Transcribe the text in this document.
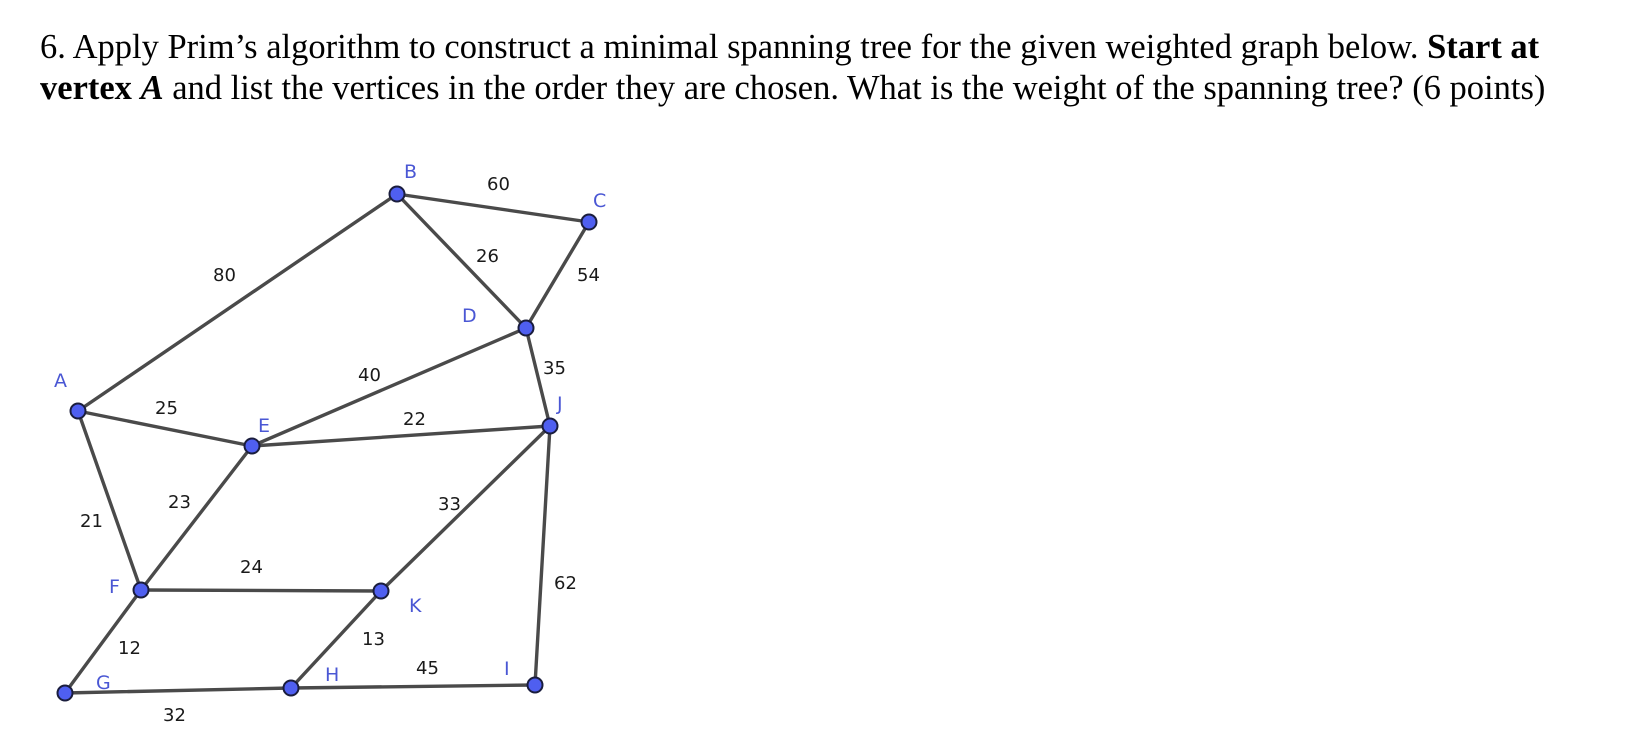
6. Apply Prim’s algorithm to construct a minimal spanning tree for the given weighted graph below. Start at vertex A and list the vertices in the order they are chosen. What is the weight of the spanning tree? (6 points)

80
60
26
54
40	35
25
22
21
23	33
24
62
12	13
32
45
A
B
C
D
E
F
G	H	I
J
K
